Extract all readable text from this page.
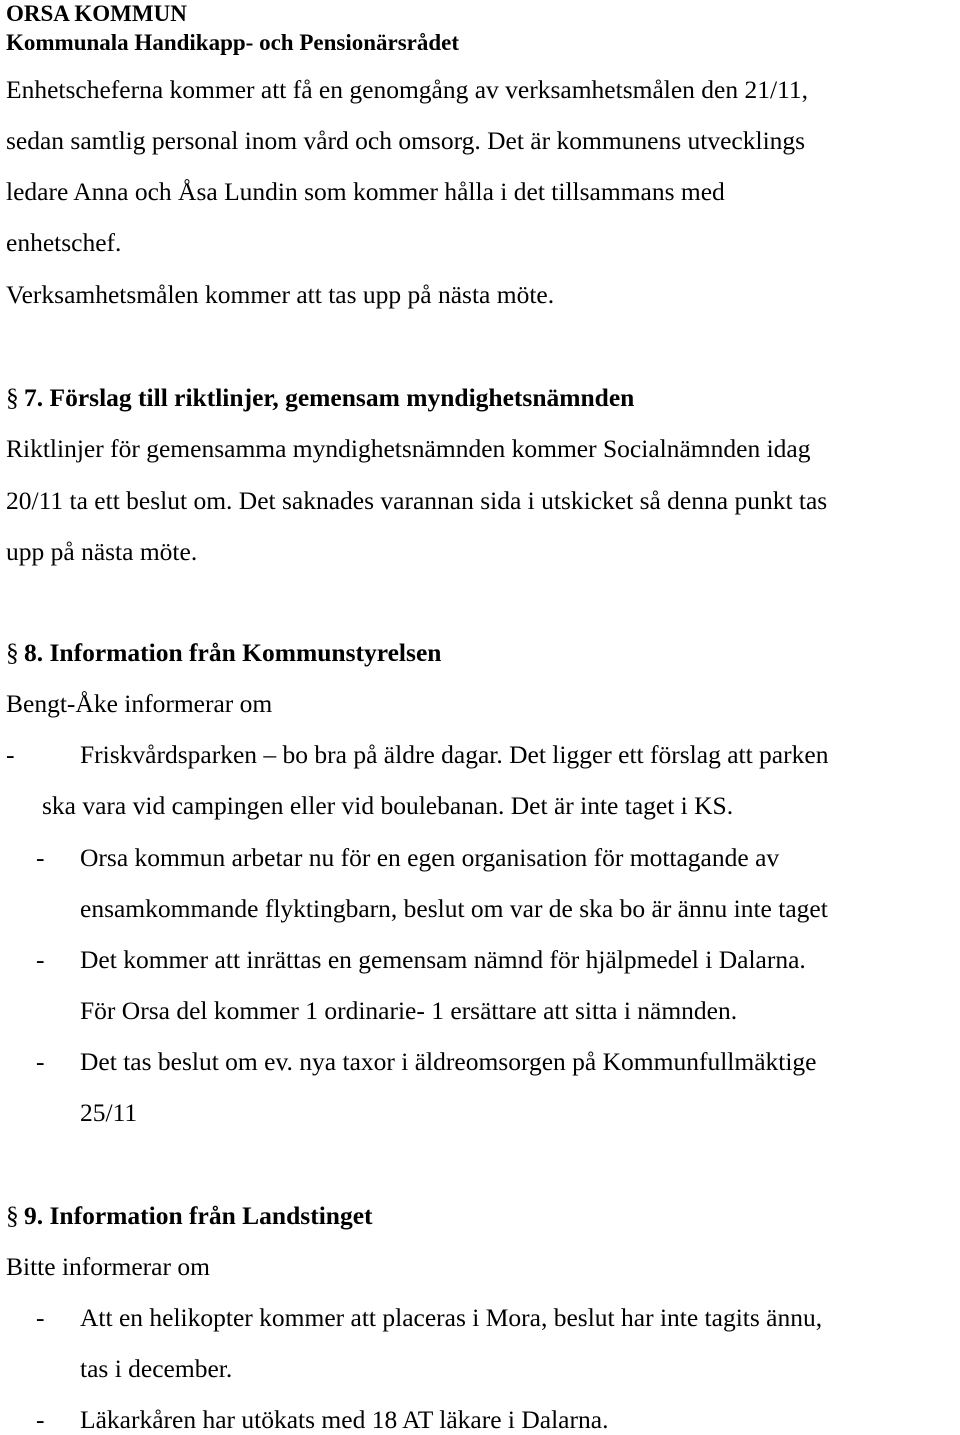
ORSA KOMMUN
Kommunala Handikapp- och Pensionärsrådet
Enhetscheferna kommer att få en genomgång av verksamhetsmålen den 21/11,
sedan samtlig personal inom vård och omsorg. Det är kommunens utvecklings
ledare Anna och Åsa Lundin som kommer hålla i det tillsammans med
enhetschef.
Verksamhetsmålen kommer att tas upp på nästa möte.
§ 7. Förslag till riktlinjer, gemensam myndighetsnämnden
Riktlinjer för gemensamma myndighetsnämnden kommer Socialnämnden idag
20/11 ta ett beslut om. Det saknades varannan sida i utskicket så denna punkt tas
upp på nästa möte.
§ 8. Information från Kommunstyrelsen
Bengt-Åke informerar om
-	Friskvårdsparken – bo bra på äldre dagar. Det ligger ett förslag att parken
ska vara vid campingen eller vid boulebanan. Det är inte taget i KS.
- Orsa kommun arbetar nu för en egen organisation för mottagande av
ensamkommande flyktingbarn, beslut om var de ska bo är ännu inte taget
- Det kommer att inrättas en gemensam nämnd för hjälpmedel i Dalarna.
För Orsa del kommer 1 ordinarie- 1 ersättare att sitta i nämnden.
- Det tas beslut om ev. nya taxor i äldreomsorgen på Kommunfullmäktige
25/11
§ 9. Information från Landstinget
Bitte informerar om
- Att en helikopter kommer att placeras i Mora, beslut har inte tagits ännu,
tas i december.
- Läkarkåren har utökats med 18 AT läkare i Dalarna.
